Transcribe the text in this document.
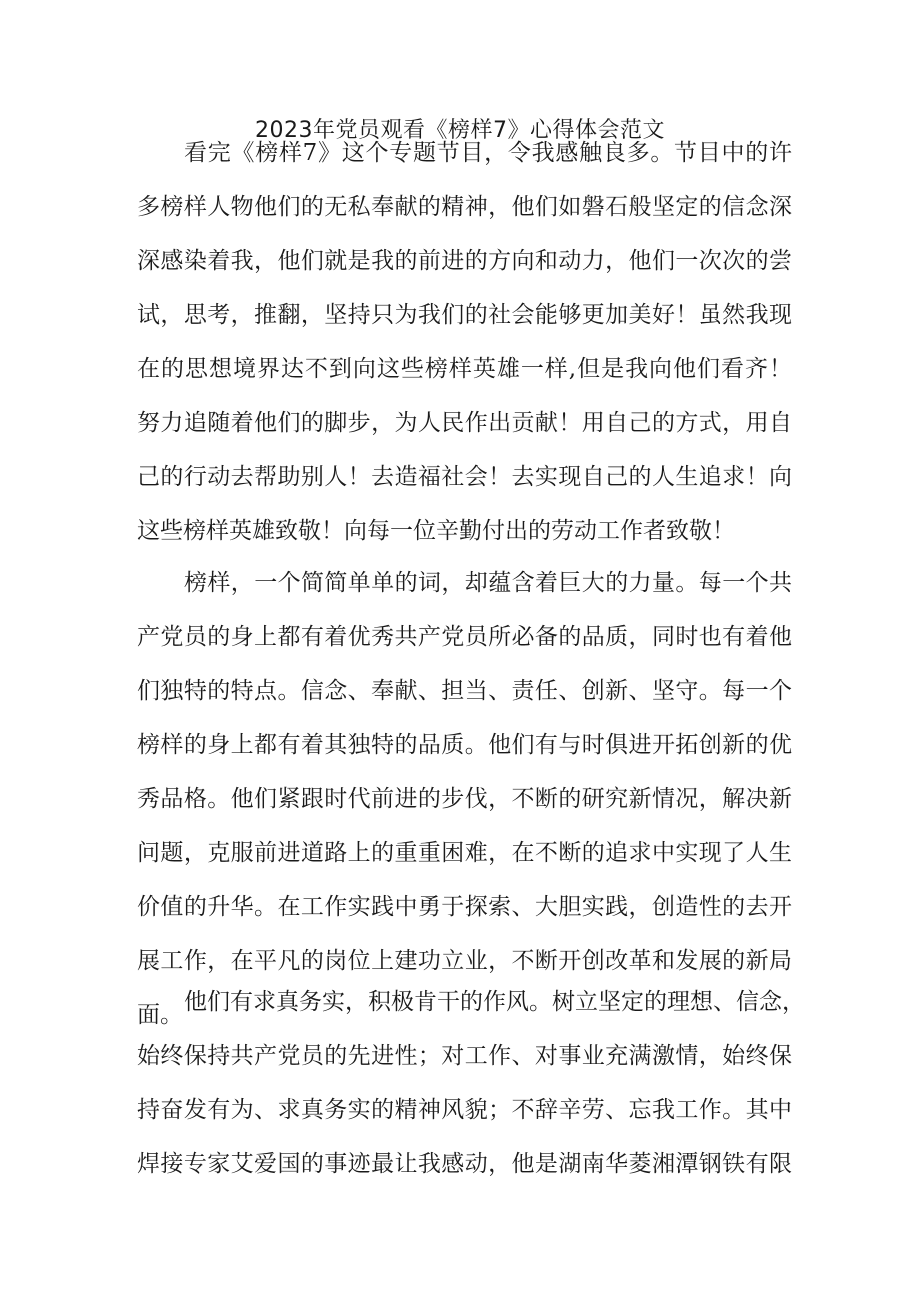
2023年党员观看《榜样7》心得体会范文
看完《榜样7》这个专题节目，令我感触良多。节目中的许
多榜样人物他们的无私奉献的精神，他们如磐石般坚定的信念深
深感染着我，他们就是我的前进的方向和动力，他们一次次的尝
试，思考，推翻，坚持只为我们的社会能够更加美好！虽然我现
在的思想境界达不到向这些榜样英雄一样,但是我向他们看齐！
努力追随着他们的脚步，为人民作出贡献！用自己的方式，用自
己的行动去帮助别人！去造福社会！去实现自己的人生追求！向
这些榜样英雄致敬！向每一位辛勤付出的劳动工作者致敬！
榜样，一个简简单单的词，却蕴含着巨大的力量。每一个共
产党员的身上都有着优秀共产党员所必备的品质，同时也有着他
们独特的特点。信念、奉献、担当、责任、创新、坚守。每一个
榜样的身上都有着其独特的品质。他们有与时俱进开拓创新的优
秀品格。他们紧跟时代前进的步伐，不断的研究新情况，解决新
问题，克服前进道路上的重重困难，在不断的追求中实现了人生
价值的升华。在工作实践中勇于探索、大胆实践，创造性的去开
展工作，在平凡的岗位上建功立业，不断开创改革和发展的新局
面。 他们有求真务实，积极肯干的作风。树立坚定的理想、信念，
始终保持共产党员的先进性；对工作、对事业充满激情，始终保
持奋发有为、求真务实的精神风貌；不辞辛劳、忘我工作。其中
焊接专家艾爱国的事迹最让我感动，他是湖南华菱湘潭钢铁有限
